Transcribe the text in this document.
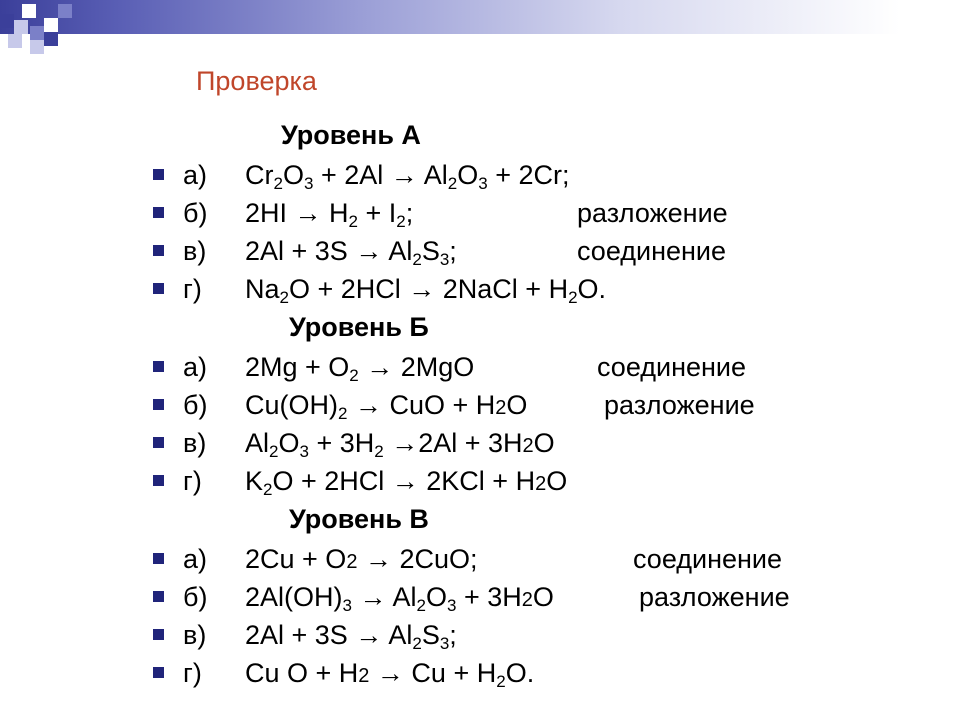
Проверка
Уровень А
а) $Cr_2O_3 + 2Al \to Al_2O_3 + 2Cr$;
б) $2HI \to H_2 + I_2$;	разложение
в) $2Al + 3S \to Al_2S_3$;	соединение
г) $Na_2O + 2HCl$ → 2NaCl + $H_2O$.
Уровень Б
а) $2Mg + O_2 \to 2MgO$	соединение
б) $Cu(OH)_2$ → CuO + H2O	разложение
в) $Al_2O_3 + 3H_2 \to 2Al + 3H2O$
г) $K_2O + 2HCl \to 2KCl + H2O$
Уровень В
а) 2Cu + O2 → 2CuO;	соединение
б) $2Al(OH)_3 \to Al_2O_3 + 3H2O$	разложение
в) $2Al + 3S \to Al_2S_3$;
г) Cu $O + H2 \to Cu + H_2O$.
